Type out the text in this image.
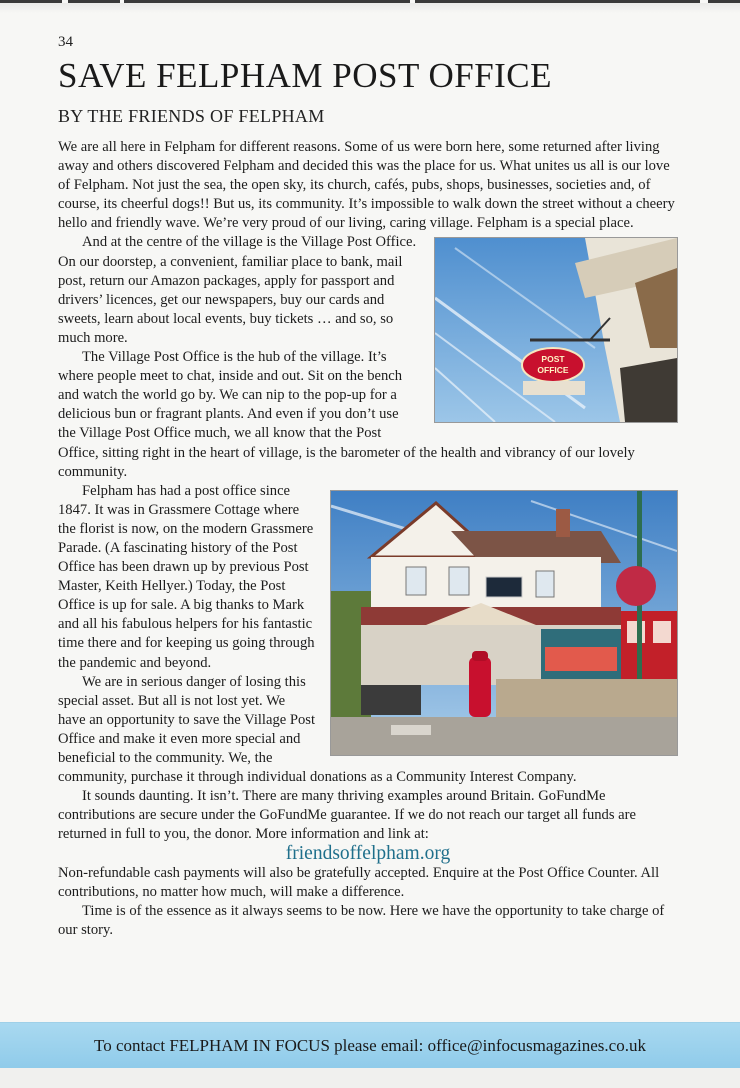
34
SAVE FELPHAM POST OFFICE
BY THE FRIENDS OF FELPHAM

We are all here in Felpham for different reasons. Some of us were born here, some returned after living away and others discovered Felpham and decided this was the place for us. What unites us all is our love of Felpham. Not just the sea, the open sky, its church, cafés, pubs, shops, businesses, societies and, of course, its cheerful dogs!! But us, its community. It’s impossible to walk down the street without a cheery hello and friendly wave. We’re very proud of our living, caring village. Felpham is a special place.

POST
OFFICE
And at the centre of the village is the Village Post Office. On our doorstep, a convenient, familiar place to bank, mail post, return our Amazon packages, apply for passport and drivers’ licences, get our newspapers, buy our cards and sweets, learn about local events, buy tickets … and so, so much more.

The Village Post Office is the hub of the village. It’s where people meet to chat, inside and out. Sit on the bench and watch the world go by. We can nip to the pop-up for a delicious bun or fragrant plants. And even if you don’t use the Village Post Office much, we all know that the Post Office, sitting right in the heart of village, is the barometer of the health and vibrancy of our lovely community.

Felpham has had a post office since 1847. It was in Grassmere Cottage where the florist is now, on the modern Grassmere Parade. (A fascinating history of the Post Office has been drawn up by previous Post Master, Keith Hellyer.) Today, the Post Office is up for sale. A big thanks to Mark and all his fabulous helpers for his fantastic time there and for keeping us going through the pandemic and beyond.

We are in serious danger of losing this special asset. But all is not lost yet. We have an opportunity to save the Village Post Office and make it even more special and beneficial to the community. We, the community, purchase it through individual donations as a Community Interest Company.

It sounds daunting. It isn’t. There are many thriving examples around Britain. GoFundMe contributions are secure under the GoFundMe guarantee. If we do not reach our target all funds are returned in full to you, the donor. More information and link at:

friendsoffelpham.org

Non-refundable cash payments will also be gratefully accepted. Enquire at the Post Office Counter. All contributions, no matter how much, will make a difference.

Time is of the essence as it always seems to be now. Here we have the opportunity to take charge of our story.

To contact FELPHAM IN FOCUS please email: office@infocusmagazines.co.uk
